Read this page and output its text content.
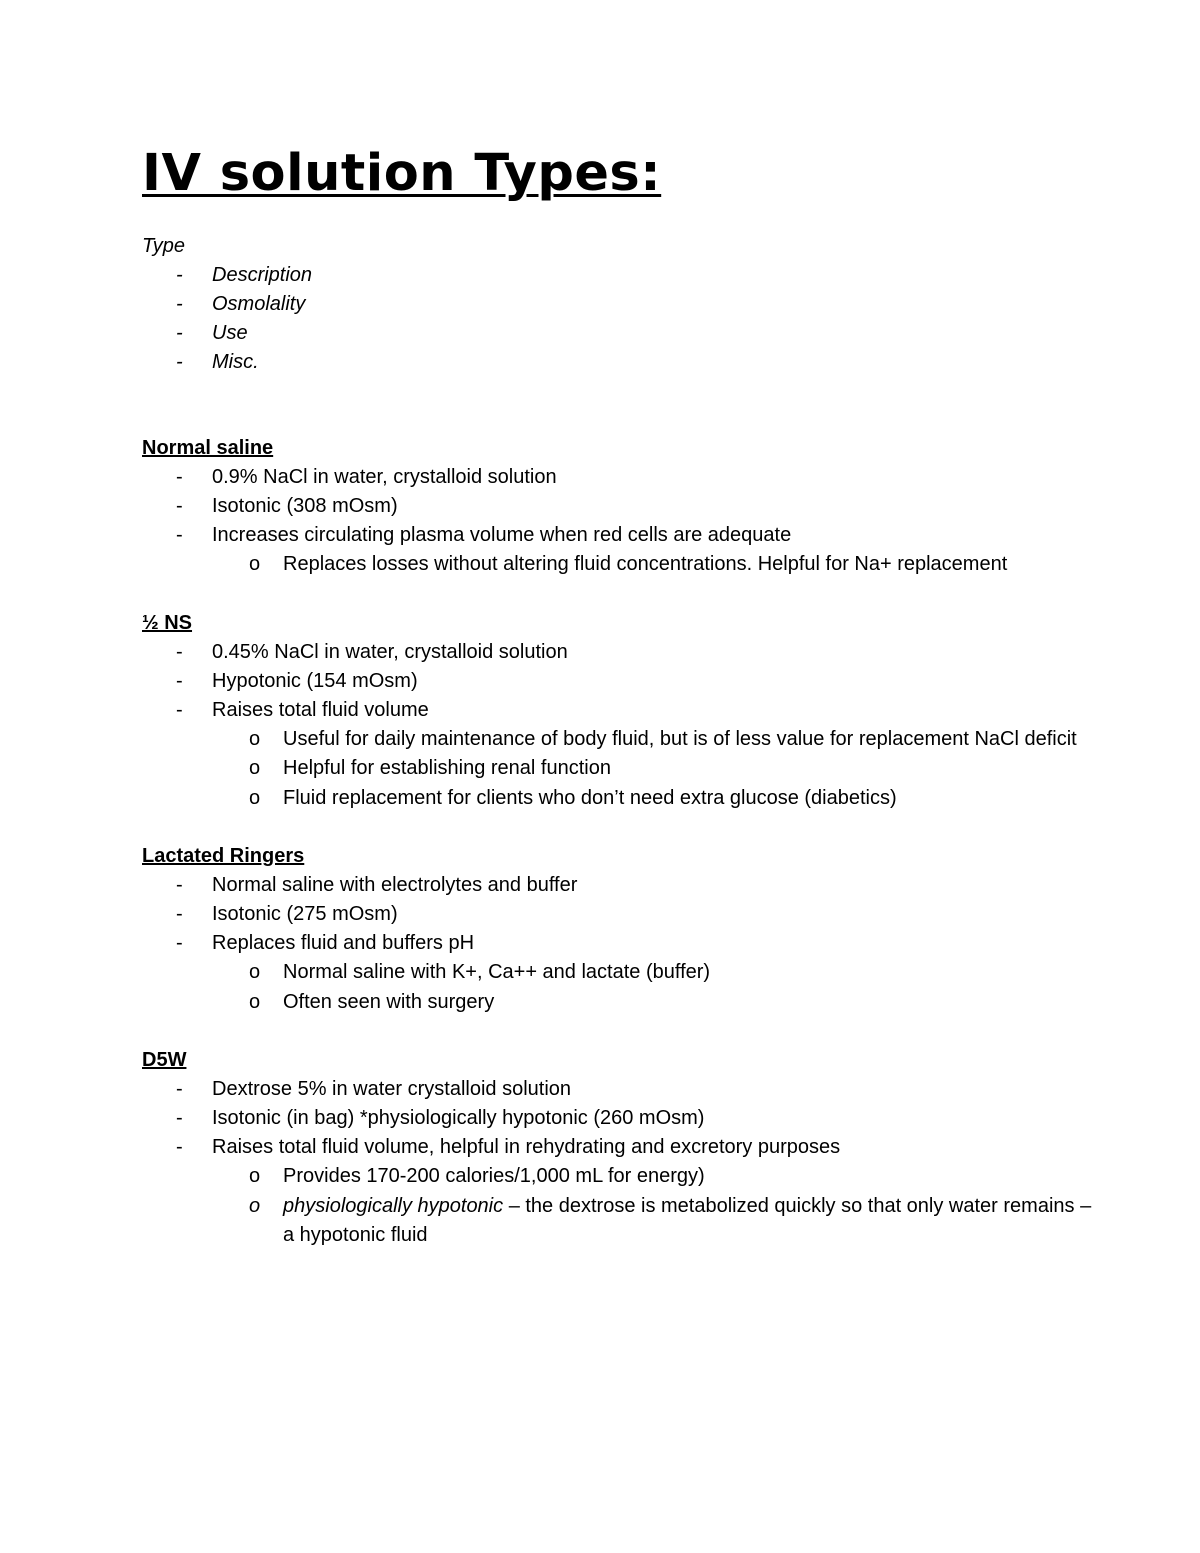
IV solution Types:

Type

- Description
- Osmolality
- Use
- Misc.

Normal saline

- 0.9% NaCl in water, crystalloid solution
- Isotonic (308 mOsm)
- Increases circulating plasma volume when red cells are adequate
o Replaces losses without altering fluid concentrations. Helpful for Na+ replacement

½ NS

- 0.45% NaCl in water, crystalloid solution
- Hypotonic (154 mOsm)
- Raises total fluid volume
o Useful for daily maintenance of body fluid, but is of less value for replacement NaCl deficit
o Helpful for establishing renal function
o Fluid replacement for clients who don’t need extra glucose (diabetics)

Lactated Ringers

- Normal saline with electrolytes and buffer
- Isotonic (275 mOsm)
- Replaces fluid and buffers pH
o Normal saline with K+, Ca++ and lactate (buffer)
o Often seen with surgery

D5W

- Dextrose 5% in water crystalloid solution
- Isotonic (in bag) *physiologically hypotonic (260 mOsm)
- Raises total fluid volume, helpful in rehydrating and excretory purposes
o Provides 170-200 calories/1,000 mL for energy)
o physiologically hypotonic – the dextrose is metabolized quickly so that only water remains – a hypotonic fluid
